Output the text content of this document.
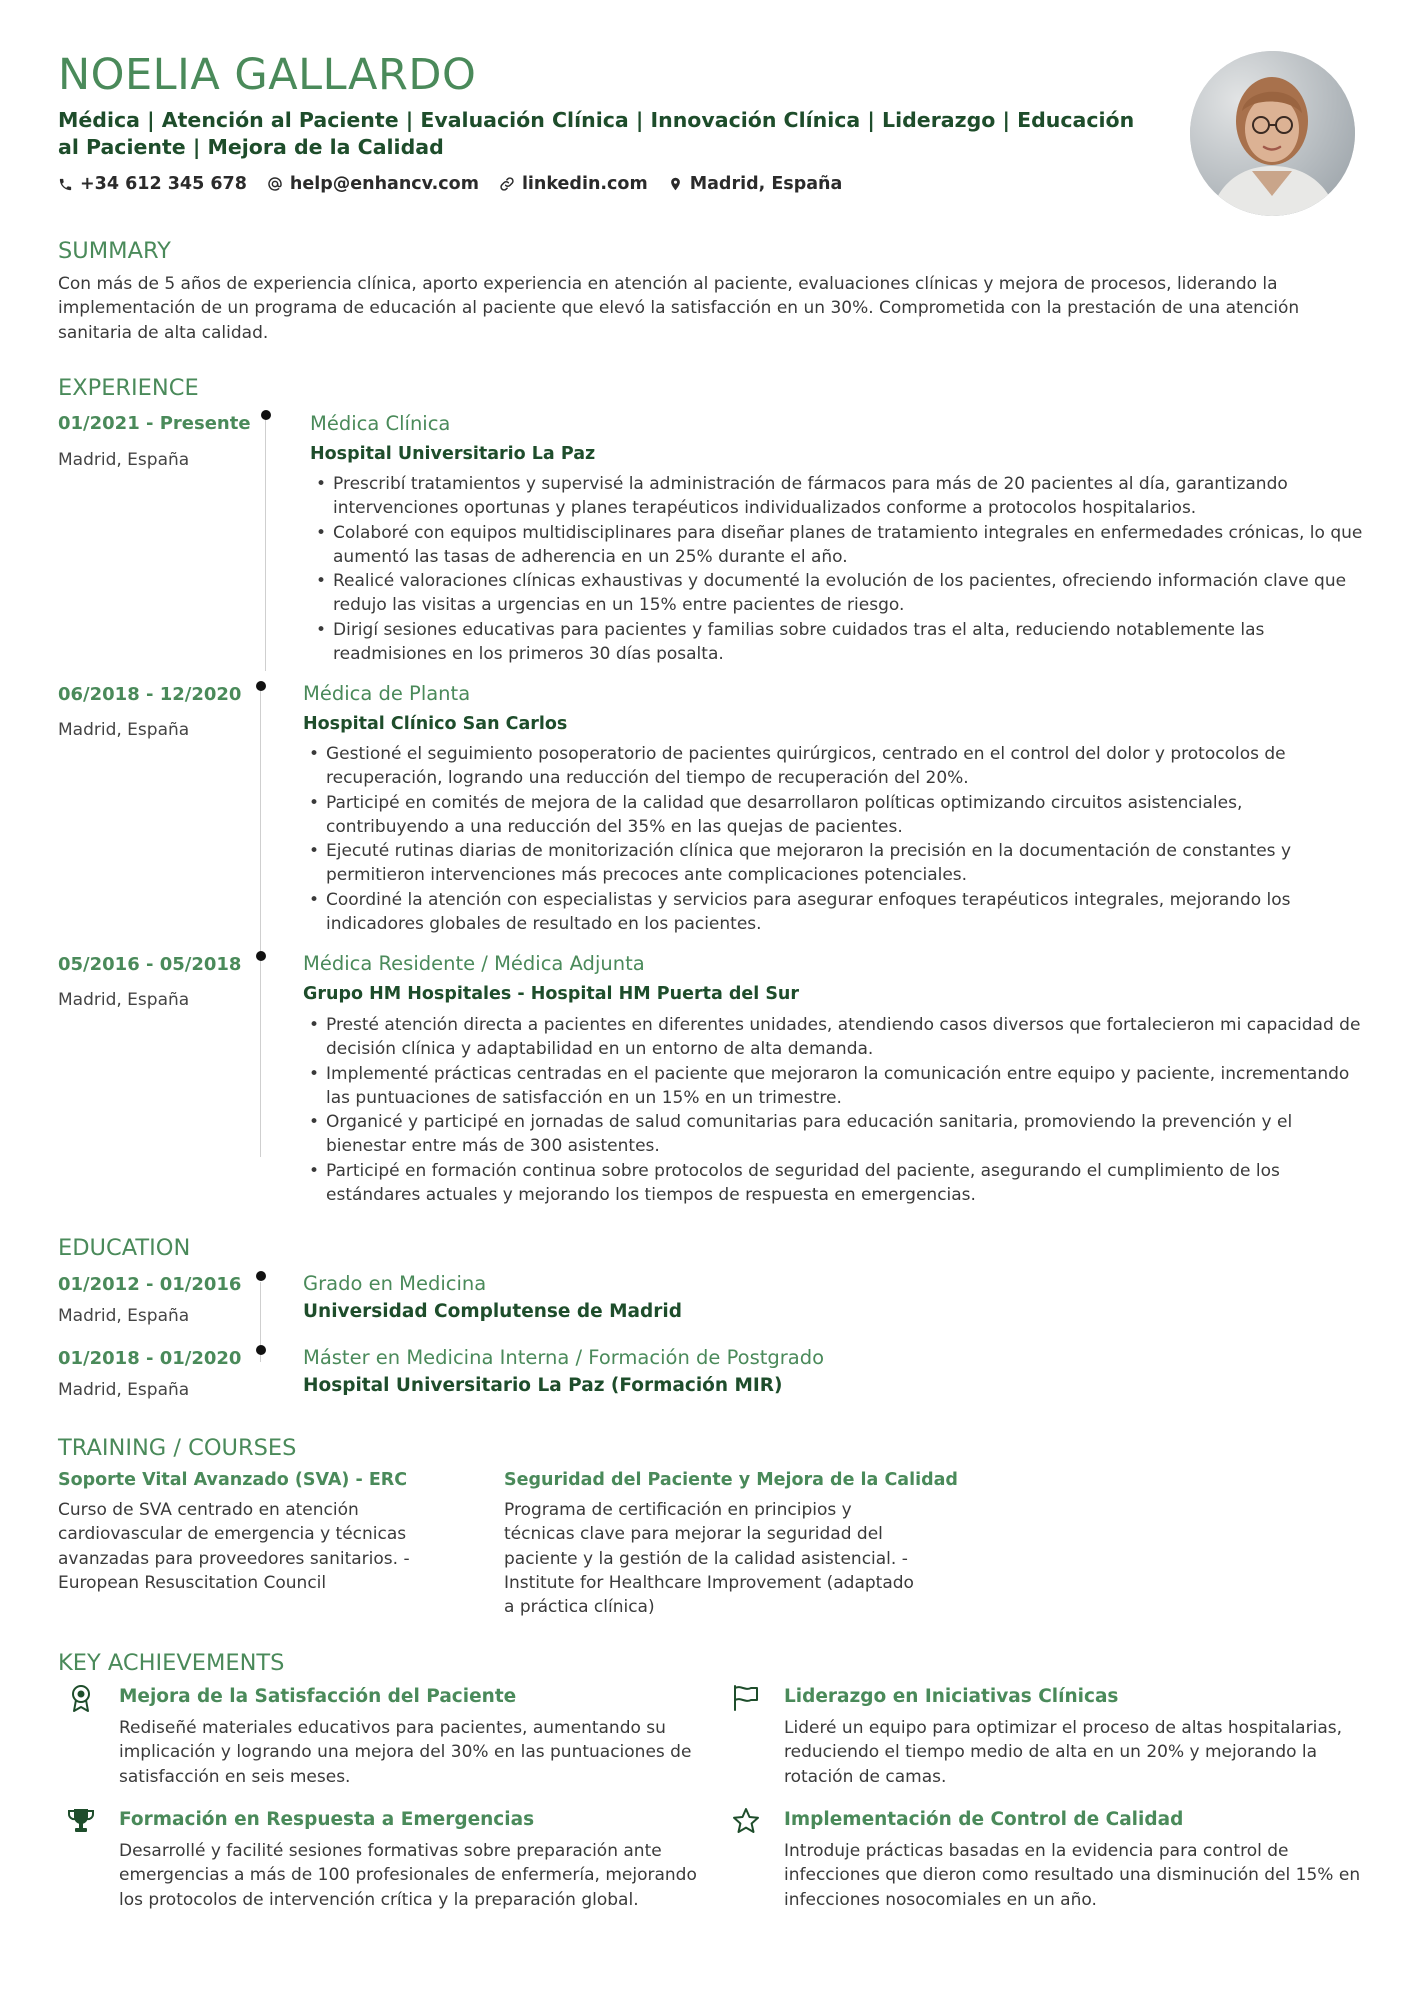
NOELIA GALLARDO
Médica | Atención al Paciente | Evaluación Clínica | Innovación Clínica | Liderazgo | Educación al Paciente | Mejora de la Calidad
+34 612 345 678 help@enhancv.com linkedin.com Madrid, España
SUMMARY
Con más de 5 años de experiencia clínica, aporto experiencia en atención al paciente, evaluaciones clínicas y mejora de procesos, liderando la implementación de un programa de educación al paciente que elevó la satisfacción en un 30%. Comprometida con la prestación de una atención sanitaria de alta calidad.
EXPERIENCE
01/2021 - Presente
Madrid, España
Médica Clínica
Hospital Universitario La Paz
• Prescribí tratamientos y supervisé la administración de fármacos para más de 20 pacientes al día, garantizando intervenciones oportunas y planes terapéuticos individualizados conforme a protocolos hospitalarios.
• Colaboré con equipos multidisciplinares para diseñar planes de tratamiento integrales en enfermedades crónicas, lo que aumentó las tasas de adherencia en un 25% durante el año.
• Realicé valoraciones clínicas exhaustivas y documenté la evolución de los pacientes, ofreciendo información clave que redujo las visitas a urgencias en un 15% entre pacientes de riesgo.
• Dirigí sesiones educativas para pacientes y familias sobre cuidados tras el alta, reduciendo notablemente las readmisiones en los primeros 30 días posalta.
06/2018 - 12/2020
Madrid, España
Médica de Planta
Hospital Clínico San Carlos
• Gestioné el seguimiento posoperatorio de pacientes quirúrgicos, centrado en el control del dolor y protocolos de recuperación, logrando una reducción del tiempo de recuperación del 20%.
• Participé en comités de mejora de la calidad que desarrollaron políticas optimizando circuitos asistenciales, contribuyendo a una reducción del 35% en las quejas de pacientes.
• Ejecuté rutinas diarias de monitorización clínica que mejoraron la precisión en la documentación de constantes y permitieron intervenciones más precoces ante complicaciones potenciales.
• Coordiné la atención con especialistas y servicios para asegurar enfoques terapéuticos integrales, mejorando los indicadores globales de resultado en los pacientes.
05/2016 - 05/2018
Madrid, España
Médica Residente / Médica Adjunta
Grupo HM Hospitales - Hospital HM Puerta del Sur
• Presté atención directa a pacientes en diferentes unidades, atendiendo casos diversos que fortalecieron mi capacidad de decisión clínica y adaptabilidad en un entorno de alta demanda.
• Implementé prácticas centradas en el paciente que mejoraron la comunicación entre equipo y paciente, incrementando las puntuaciones de satisfacción en un 15% en un trimestre.
• Organicé y participé en jornadas de salud comunitarias para educación sanitaria, promoviendo la prevención y el bienestar entre más de 300 asistentes.
• Participé en formación continua sobre protocolos de seguridad del paciente, asegurando el cumplimiento de los estándares actuales y mejorando los tiempos de respuesta en emergencias.
EDUCATION
01/2012 - 01/2016
Madrid, España
Grado en Medicina
Universidad Complutense de Madrid
01/2018 - 01/2020
Madrid, España
Máster en Medicina Interna / Formación de Postgrado
Hospital Universitario La Paz (Formación MIR)
TRAINING / COURSES
Soporte Vital Avanzado (SVA) - ERC
Curso de SVA centrado en atención cardiovascular de emergencia y técnicas avanzadas para proveedores sanitarios. - European Resuscitation Council
Seguridad del Paciente y Mejora de la Calidad
Programa de certificación en principios y técnicas clave para mejorar la seguridad del paciente y la gestión de la calidad asistencial. - Institute for Healthcare Improvement (adaptado a práctica clínica)
KEY ACHIEVEMENTS
Mejora de la Satisfacción del Paciente
Rediseñé materiales educativos para pacientes, aumentando su implicación y logrando una mejora del 30% en las puntuaciones de satisfacción en seis meses.
Liderazgo en Iniciativas Clínicas
Lideré un equipo para optimizar el proceso de altas hospitalarias, reduciendo el tiempo medio de alta en un 20% y mejorando la rotación de camas.
Formación en Respuesta a Emergencias
Desarrollé y facilité sesiones formativas sobre preparación ante emergencias a más de 100 profesionales de enfermería, mejorando los protocolos de intervención crítica y la preparación global.
Implementación de Control de Calidad
Introduje prácticas basadas en la evidencia para control de infecciones que dieron como resultado una disminución del 15% en infecciones nosocomiales en un año.
